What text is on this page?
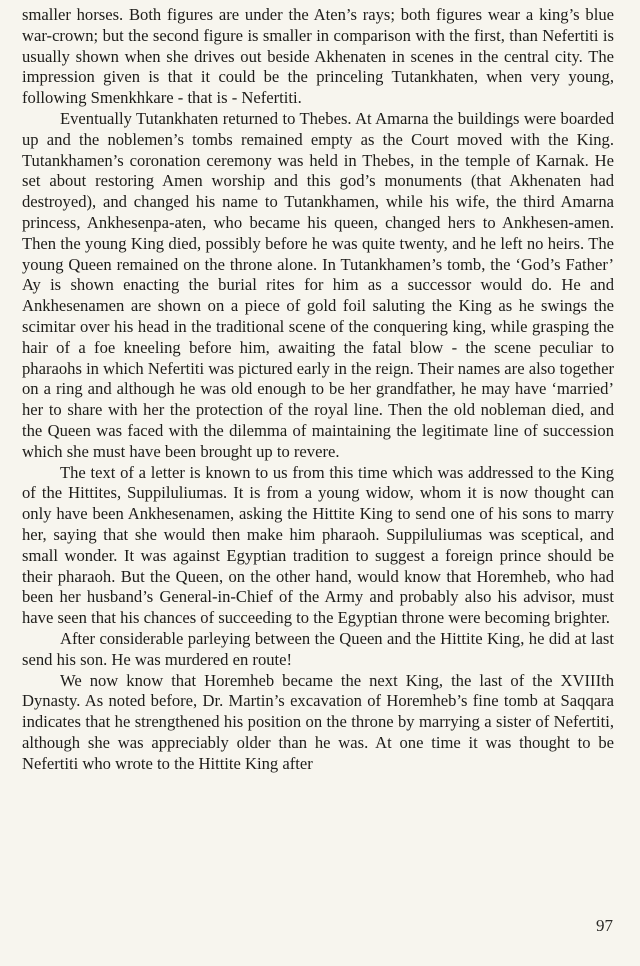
smaller horses. Both figures are under the Aten’s rays; both figures wear a king’s blue war-crown; but the second figure is smaller in comparison with the first, than Nefertiti is usually shown when she drives out beside Akhenaten in scenes in the central city. The impression given is that it could be the princeling Tutankhaten, when very young, following Smenkhkare - that is - Nefertiti.

Eventually Tutankhaten returned to Thebes. At Amarna the buildings were boarded up and the noblemen’s tombs remained empty as the Court moved with the King. Tutankhamen’s coronation ceremony was held in Thebes, in the temple of Karnak. He set about restoring Amen worship and this god’s monuments (that Akhenaten had destroyed), and changed his name to Tutankhamen, while his wife, the third Amarna princess, Ankhesenpa-aten, who became his queen, changed hers to Ankhesen-amen. Then the young King died, possibly before he was quite twenty, and he left no heirs. The young Queen remained on the throne alone. In Tutankhamen’s tomb, the ‘God’s Father’ Ay is shown enacting the burial rites for him as a successor would do. He and Ankhesenamen are shown on a piece of gold foil saluting the King as he swings the scimitar over his head in the traditional scene of the conquering king, while grasping the hair of a foe kneeling before him, awaiting the fatal blow - the scene peculiar to pharaohs in which Nefertiti was pictured early in the reign. Their names are also together on a ring and although he was old enough to be her grandfather, he may have ‘married’ her to share with her the protection of the royal line. Then the old nobleman died, and the Queen was faced with the dilemma of maintaining the legitimate line of succession which she must have been brought up to revere.

The text of a letter is known to us from this time which was addressed to the King of the Hittites, Suppiluliumas. It is from a young widow, whom it is now thought can only have been Ankhesenamen, asking the Hittite King to send one of his sons to marry her, saying that she would then make him pharaoh. Suppiluliumas was sceptical, and small wonder. It was against Egyptian tradition to suggest a foreign prince should be their pharaoh. But the Queen, on the other hand, would know that Horemheb, who had been her husband’s General-in-Chief of the Army and probably also his advisor, must have seen that his chances of succeeding to the Egyptian throne were becoming brighter.

After considerable parleying between the Queen and the Hittite King, he did at last send his son. He was murdered en route!

We now know that Horemheb became the next King, the last of the XVIIIth Dynasty. As noted before, Dr. Martin’s excavation of Horemheb’s fine tomb at Saqqara indicates that he strengthened his position on the throne by marrying a sister of Nefertiti, although she was appreciably older than he was. At one time it was thought to be Nefertiti who wrote to the Hittite King after

97
